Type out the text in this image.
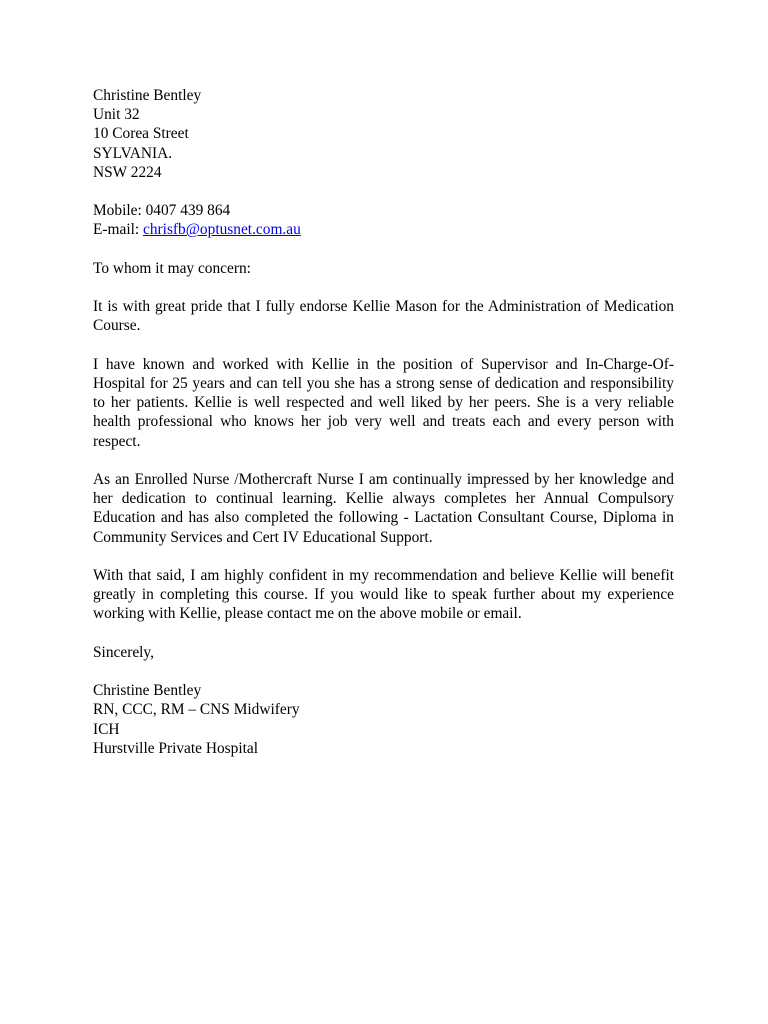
Christine Bentley
Unit 32
10 Corea Street
SYLVANIA.
NSW 2224
Mobile: 0407 439 864
E-mail: chrisfb@optusnet.com.au

To whom it may concern:

It is with great pride that I fully endorse Kellie Mason for the Administration of Medication Course.

I have known and worked with Kellie in the position of Supervisor and In-Charge-Of-Hospital for 25 years and can tell you she has a strong sense of dedication and responsibility to her patients. Kellie is well respected and well liked by her peers. She is a very reliable health professional who knows her job very well and treats each and every person with respect.

As an Enrolled Nurse /Mothercraft Nurse I am continually impressed by her knowledge and her dedication to continual learning. Kellie always completes her Annual Compulsory Education and has also completed the following - Lactation Consultant Course, Diploma in Community Services and Cert IV Educational Support.

With that said, I am highly confident in my recommendation and believe Kellie will benefit greatly in completing this course. If you would like to speak further about my experience working with Kellie, please contact me on the above mobile or email.

Sincerely,

Christine Bentley
RN, CCC, RM – CNS Midwifery
ICH
Hurstville Private Hospital
